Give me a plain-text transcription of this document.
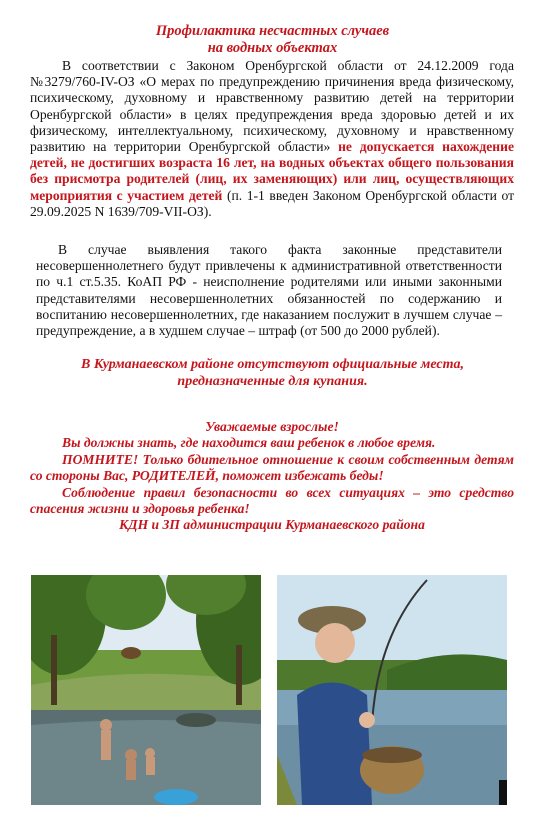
Профилактика несчастных случаев
на водных объектах

В соответствии с Законом Оренбургской области от 24.12.2009 года №3279/760-IV-ОЗ «О мерах по предупреждению причинения вреда физическому, психическому, духовному и нравственному развитию детей на территории Оренбургской области» в целях предупреждения вреда здоровью детей и их физическому, интеллектуальному, психическому, духовному и нравственному развитию на территории Оренбургской области» не допускается нахождение детей, не достигших возраста 16 лет, на водных объектах общего пользования без присмотра родителей (лиц, их заменяющих) или лиц, осуществляющих мероприятия с участием детей (п. 1-1 введен Законом Оренбургской области от 29.09.2025 N 1639/709-VII-ОЗ).

В случае выявления такого факта законные представители несовершеннолетнего будут привлечены к административной ответственности по ч.1 ст.5.35. КоАП РФ - неисполнение родителями или иными законными представителями несовершеннолетних обязанностей по содержанию и воспитанию несовершеннолетних, где наказанием послужит в лучшем случае – предупреждение, а в худшем случае – штраф (от 500 до 2000 рублей).

В Курманаевском районе отсутствуют официальные места,
предназначенные для купания.

Уважаемые взрослые!

Вы должны знать, где находится ваш ребенок в любое время.

ПОМНИТЕ! Только бдительное отношение к своим собственным детям со стороны Вас, РОДИТЕЛЕЙ, поможет избежать беды!

Соблюдение правил безопасности во всех ситуациях – это средство спасения жизни и здоровья ребенка!

КДН и ЗП администрации Курманаевского района
